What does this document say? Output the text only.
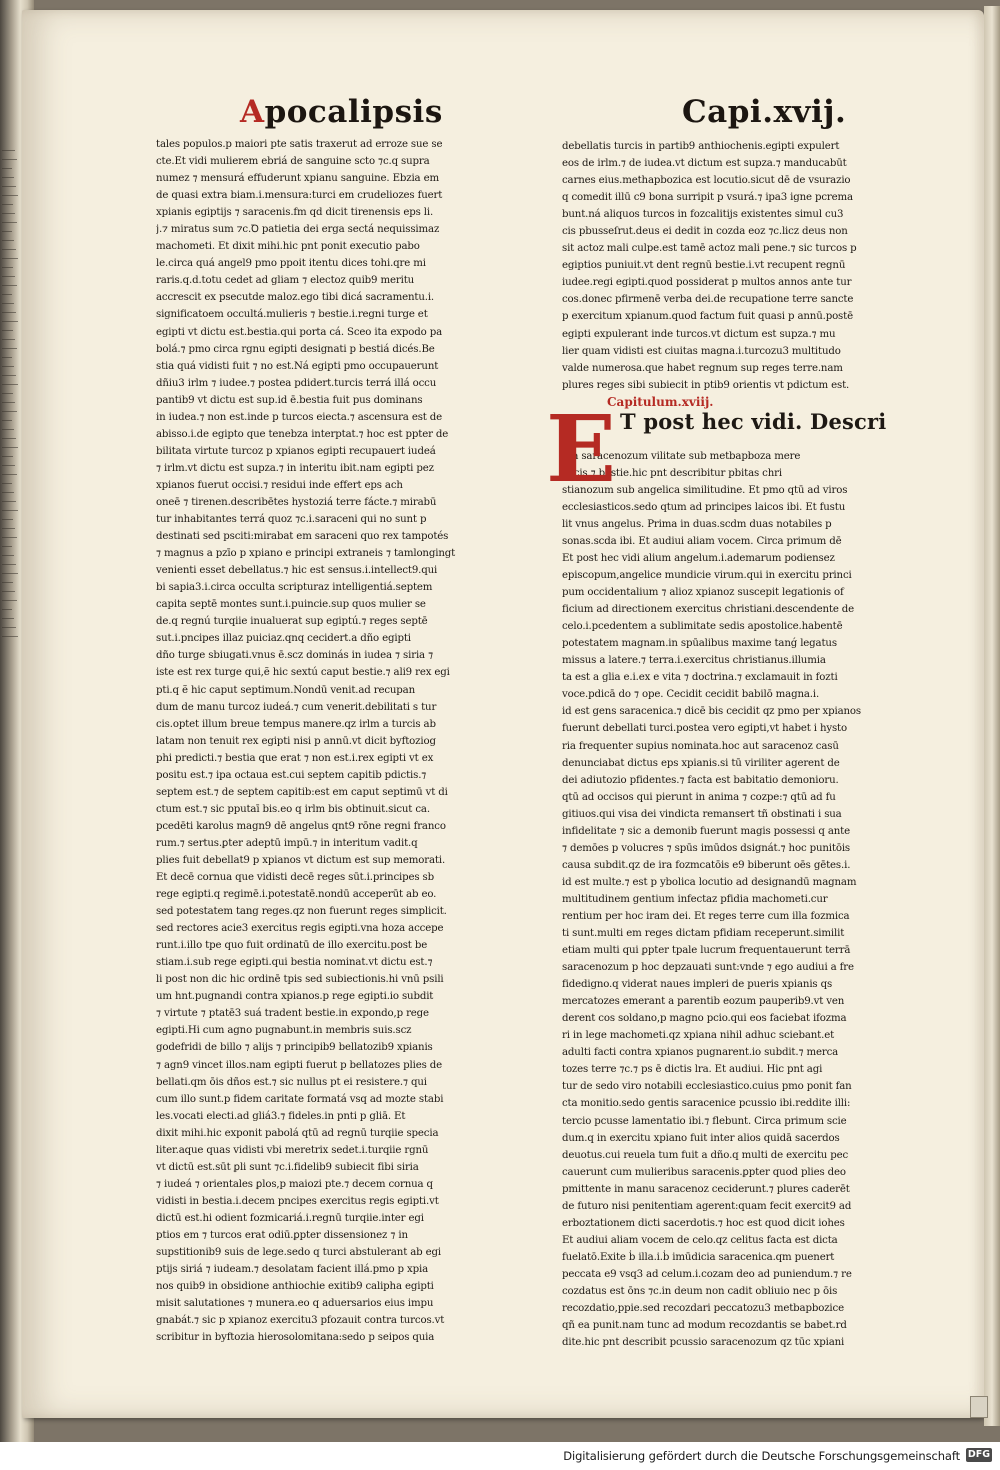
Apocalipsis	Capi.xvij.
tales populos.p maiori pte satis traxerut ad erroze sue se
cte.Et vidi mulierem ebriá de sanguine scto ⁊c.q supra
numez ⁊ mensurá effuderunt xpianu sanguine. Ebzia em
de quasi extra biam.i.mensura:turci em crudeliozes fuert
xpianis egiptijs ⁊ saracenis.fm qd dicit tirenensis eps li.
j.⁊ miratus sum ⁊c.Ꝺ patietia dei erga sectá nequissimaz
machometi. Et dixit mihi.hic pnt ponit executio pabo
le.circa quá angel9 pmo ppoit itentu dices tohi.qre mi
raris.q.d.totu cedet ad gliam ⁊ electoz quib9 meritu
accrescit ex psecutde maloz.ego tibi dicá sacramentu.i.
significatoem occultá.mulieris ⁊ bestie.i.regni turge et
egipti vt dictu est.bestia.qui porta cá. Sceo ita expodo pa
bolá.⁊ pmo circa rgnu egipti designati p bestiá dicés.Be
stia quá vidisti fuit ⁊ no est.Ná egipti pmo occupauerunt
dñiu3 irlm ⁊ iudee.⁊ postea pdidert.turcis terrá illá occu
pantib9 vt dictu est sup.id ē.bestia fuit pus dominans
in iudea.⁊ non est.inde p turcos eiecta.⁊ ascensura est de
abisso.i.de egipto que tenebza interptat.⁊ hoc est ppter de
bilitata virtute turcoz p xpianos egipti recupauert iudeá
⁊ irlm.vt dictu est supza.⁊ in interitu ibit.nam egipti pez
xpianos fuerut occisi.⁊ residui inde effert eps ach
oneē ⁊ tirenen.describētes hystoziá terre fácte.⁊ mirabū
tur inhabitantes terrá quoz ⁊c.i.saraceni qui no sunt p
destinati sed psciti:mirabat em saraceni quo rex tampotés
⁊ magnus a pzīo p xpiano e principi extraneis ⁊ tamlongingt
venienti esset debellatus.⁊ hic est sensus.i.intellect9.qui
bi sapia3.i.circa occulta scripturaz intelligentiá.septem
capita septē montes sunt.i.puincie.sup quos mulier se
de.q regnú turqiie inualuerat sup egiptú.⁊ reges septē
sut.i.pncipes illaz puiciaz.qnq cecidert.a dño egipti
dño turge sbiugati.vnus ē.scz dominás in iudea ⁊ siria ⁊
iste est rex turge qui,ẽ hic sextú caput bestie.⁊ ali9 rex egi
pti.q ẽ hic caput septimum.Nondū venit.ad recupan
dum de manu turcoz iudeá.⁊ cum venerit.debilitati s tur
cis.optet illum breue tempus manere.qz irlm a turcis ab
latam non tenuit rex egipti nisi p annū.vt dicit byftoziog
phi predicti.⁊ bestia que erat ⁊ non est.i.rex egipti vt ex
positu est.⁊ ipa octaua est.cui septem capitib pdictis.⁊
septem est.⁊ de septem capitib:est em caput septimū vt di
ctum est.⁊ sic pputaī bis.eo q irlm bis obtinuit.sicut ca.
pcedēti karolus magn9 dē angelus qnt9 rōne regni franco
rum.⁊ sertus.ꝑter adeptū impū.⁊ in interitum vadit.q
plies fuit debellat9 p xpianos vt dictum est sup memorati.
Et decē cornua que vidisti decē reges sūt.i.principes sb
rege egipti.q regimē.i.potestatē.nondū acceperūt ab eo.
sed potestatem tang reges.qz non fuerunt reges simplicit.
sed rectores acie3 exercitus regis egipti.vna hoza accepe
runt.i.illo tpe quo fuit ordinatū de illo exercitu.post be
stiam.i.sub rege egipti.qui bestia nominat.vt dictu est.⁊
li post non dic hic ordinē tpis sed subiectionis.hi vnū psili
um hnt.pugnandi contra xpianos.p rege egipti.io subdit
⁊ virtute ⁊ ptatē3 suá tradent bestie.in expondo,p rege
egipti.Hi cum agno pugnabunt.in membris suis.scz
godefridi de billo ⁊ alijs ⁊ principib9 bellatozib9 xpianis
⁊ agn9 vincet illos.nam egipti fuerut p bellatozes plies de
bellati.qm ōis dños est.⁊ sic nullus pt ei resistere.⁊ qui
cum illo sunt.p fidem caritate formatá vsq ad mozte stabi
les.vocati electi.ad gliá3.⁊ fideles.in pnti p gliā. Et
dixit mihi.hic exponit pabolá qtū ad regnū turqiie specia
liter.aque quas vidisti vbi meretrix sedet.i.turqiie rgnū
vt dictū est.sūt ꝑli sunt ⁊c.i.fidelib9 subiecit fibi siria
⁊ iudeá ⁊ orientales ꝑlos,p maiozi pte.⁊ decem cornua q
vidisti in bestia.i.decem pncipes exercitus regis egipti.vt
dictū est.hi odient fozmicariá.i.regnū turqiie.inter egi
ptios em ⁊ turcos erat odiū.ꝑpter dissensionez ⁊ in
supstitionib9 suis de lege.sedo q turci abstulerant ab egi
ptijs siriá ⁊ iudeam.⁊ desolatam facient illá.pmo p xpia
nos quib9 in obsidione anthiochie exitib9 calipha egipti
misit salutationes ⁊ munera.eo q aduersarios eius impu
gnabát.⁊ sic p xpianoz exercitu3 pfozauit contra turcos.vt
scribitur in byftozia hierosolomitana:sedo p seipos quia
debellatis turcis in partib9 anthiochenis.egipti expulert
eos de irlm.⁊ de iudea.vt dictum est supza.⁊ manducabūt
carnes eius.methapbozica est locutio.sicut dē de vsurazio
q comedit illū c9 bona surripit p vsurá.⁊ ipa3 igne pcrema
bunt.ná aliquos turcos in fozcalitijs existentes simul cu3
cis pbusseſrut.deus ei dedit in cozda eoz ⁊c.licz deus non
sit actoz mali culpe.est tamē actoz mali pene.⁊ sic turcos p
egiptios puniuit.vt dent regnū bestie.i.vt recupent regnū
iudee.regi egipti.quod possiderat p multos annos ante tur
cos.donec pfirmenē verba dei.de recupatione terre sancte
p exercitum xpianum.quod factum fuit quasi p annū.postē
egipti expulerant inde turcos.vt dictum est supza.⁊ mu
lier quam vidisti est ciuitas magna.i.turcozu3 multitudo
valde numerosa.que habet regnum sup reges terre.nam
plures reges sibi subiecit in ptib9 orientis vt pdictum est.
Capitulum.xviij.
E T post hec vidi. Descri
pta saracenozum vilitate sub metbapboza mere
tricis ⁊ bestie.hic pnt describitur pbitas chri
stianozum sub angelica similitudine. Et pmo qtū ad viros
ecclesiasticos.sedo qtum ad principes laicos ibi. Et fustu
lit vnus angelus. Prima in duas.scdm duas notabiles p
sonas.scda ibi. Et audiui aliam vocem. Circa primum dē
Et post hec vidi alium angelum.i.ademarum podiensez
episcopum,angelice mundicie virum.qui in exercitu princi
pum occidentalium ⁊ alioz xpianoz suscepit legationis of
ficium ad directionem exercitus christiani.descendente de
celo.i.pcedentem a sublimitate sedis apostolice.habentē
potestatem magnam.in spūalibus maxime tanǵ legatus
missus a latere.⁊ terra.i.exercitus christianus.illumia
ta est a glia e.i.ex e vita ⁊ doctrina.⁊ exclamauit in fozti
voce.pdicā do ⁊ ope. Cecidit cecidit babilō magna.i.
id est gens saracenica.⁊ dicē bis cecidit qz pmo per xpianos
fuerunt debellati turci.postea vero egipti,vt habet i hysto
ria frequenter supius nominata.hoc aut saracenoz casū
denunciabat dictus eps xpianis.si tū viriliter agerent de
dei adiutozio pfidentes.⁊ facta est babitatio demonioru.
qtū ad occisos qui pierunt in anima ⁊ cozpe:⁊ qtū ad fu
gitiuos.qui visa dei vindicta remansert tñ obstinati i sua
infidelitate ⁊ sic a demonib fuerunt magis possessi q ante
⁊ demōes p volucres ⁊ spūs imūdos dsignát.⁊ hoc punitōis
causa subdit.qz de ira fozmcatōis e9 biberunt oēs gētes.i.
id est multe.⁊ est p ybolica locutio ad designandū magnam
multitudinem gentium infectaz pfidia machometi.cur
rentium per hoc iram dei. Et reges terre cum illa fozmica
ti sunt.multi em reges dictam pfidiam receperunt.similit
etiam multi qui ꝑpter tpale lucrum frequentauerunt terrā
saracenozum p hoc depzauati sunt:vnde ⁊ ego audiui a fre
fidedigno.q viderat naues impleri de pueris xpianis qs
mercatozes emerant a parentib eozum pauperib9.vt ven
derent cos soldano,p magno pcio.qui eos faciebat ifozma
ri in lege machometi.qz xpiana nihil adhuc sciebant.et
adulti facti contra xpianos pugnarent.io subdit.⁊ merca
tozes terre ⁊c.⁊ ps ē dictis lra. Et audiui. Hic pnt agi
tur de sedo viro notabili ecclesiastico.cuius pmo ponit fan
cta monitio.sedo gentis saracenice pcussio ibi.reddite illi:
tercio pcusse lamentatio ibi.⁊ flebunt. Circa primum scie
dum.q in exercitu xpiano fuit inter alios quidā sacerdos
deuotus.cui reuela tum fuit a dño.q multi de exercitu pec
cauerunt cum mulieribus saracenis.ꝑpter quod plies deo
pmittente in manu saracenoz ceciderunt.⁊ plures caderēt
de futuro nisi penitentiam agerent:quam fecit exercit9 ad
erboztationem dicti sacerdotis.⁊ hoc est quod dicit iohes
Et audiui aliam vocem de celo.qz celitus facta est dicta
fuelatō.Exite ḃ illa.i.ḃ imūdicia saracenica.qm puenert
peccata e9 vsq3 ad celum.i.cozam deo ad puniendum.⁊ re
cozdatus est ōns ⁊c.in deum non cadit obliuio nec p ōis
recozdatio,ppie.sed recozdari peccatozu3 metbapbozice
qñ ea punit.nam tunc ad modum recozdantis se babet.rd
dite.hic pnt describit pcussio saracenozum qz tūc xpiani
Digitalisierung gefördert durch die Deutsche Forschungsgemeinschaft DFG
